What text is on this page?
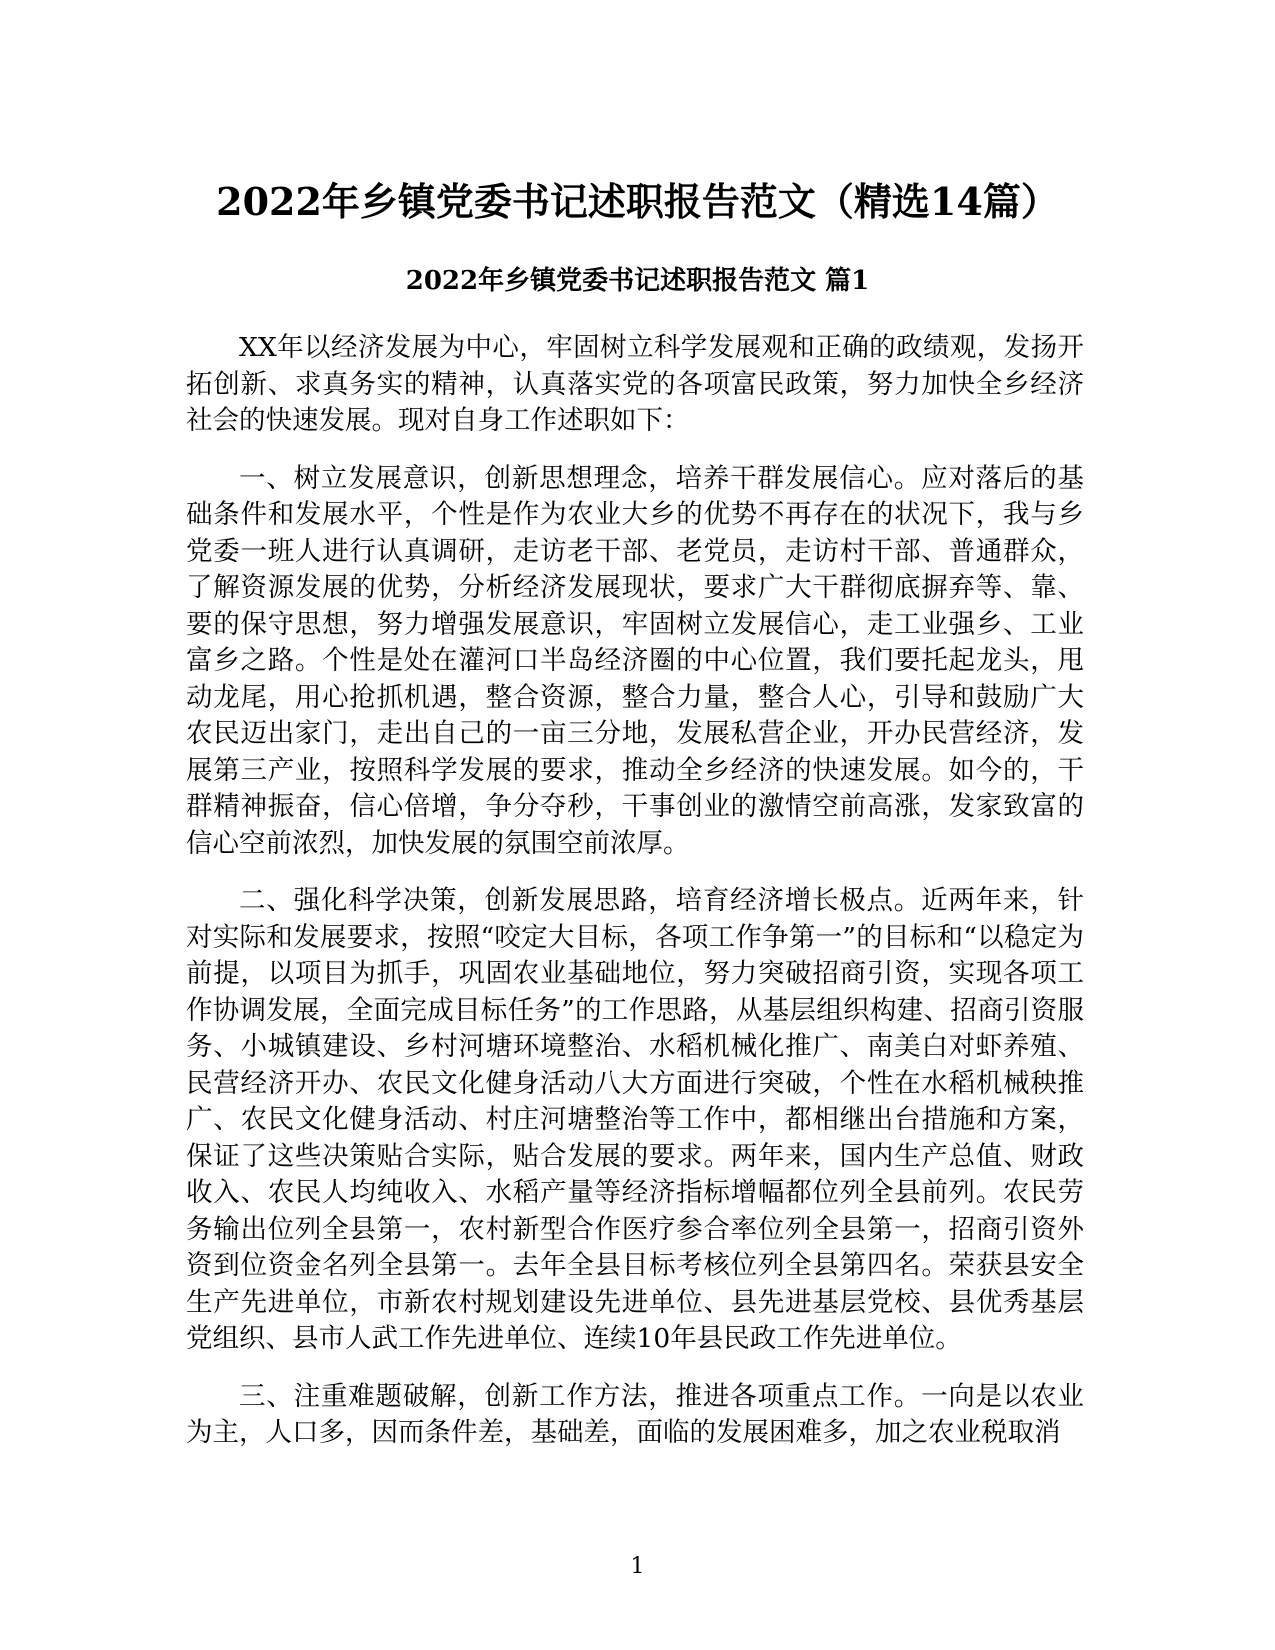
2022年乡镇党委书记述职报告范文（精选14篇）
2022年乡镇党委书记述职报告范文 篇1

XX年以经济发展为中心，牢固树立科学发展观和正确的政绩观，发扬开拓创新、求真务实的精神，认真落实党的各项富民政策，努力加快全乡经济社会的快速发展。现对自身工作述职如下：

一、树立发展意识，创新思想理念，培养干群发展信心。应对落后的基础条件和发展水平，个性是作为农业大乡的优势不再存在的状况下，我与乡党委一班人进行认真调研，走访老干部、老党员，走访村干部、普通群众，了解资源发展的优势，分析经济发展现状，要求广大干群彻底摒弃等、靠、要的保守思想，努力增强发展意识，牢固树立发展信心，走工业强乡、工业富乡之路。个性是处在灌河口半岛经济圈的中心位置，我们要托起龙头，甩动龙尾，用心抢抓机遇，整合资源，整合力量，整合人心，引导和鼓励广大农民迈出家门，走出自己的一亩三分地，发展私营企业，开办民营经济，发展第三产业，按照科学发展的要求，推动全乡经济的快速发展。如今的，干群精神振奋，信心倍增，争分夺秒，干事创业的激情空前高涨，发家致富的信心空前浓烈，加快发展的氛围空前浓厚。

二、强化科学决策，创新发展思路，培育经济增长极点。近两年来，针对实际和发展要求，按照“咬定大目标，各项工作争第一”的目标和“以稳定为前提，以项目为抓手，巩固农业基础地位，努力突破招商引资，实现各项工作协调发展，全面完成目标任务”的工作思路，从基层组织构建、招商引资服务、小城镇建设、乡村河塘环境整治、水稻机械化推广、南美白对虾养殖、民营经济开办、农民文化健身活动八大方面进行突破，个性在水稻机械秧推广、农民文化健身活动、村庄河塘整治等工作中，都相继出台措施和方案，保证了这些决策贴合实际，贴合发展的要求。两年来，国内生产总值、财政收入、农民人均纯收入、水稻产量等经济指标增幅都位列全县前列。农民劳务输出位列全县第一，农村新型合作医疗参合率位列全县第一，招商引资外资到位资金名列全县第一。去年全县目标考核位列全县第四名。荣获县安全生产先进单位，市新农村规划建设先进单位、县先进基层党校、县优秀基层党组织、县市人武工作先进单位、连续10年县民政工作先进单位。

三、注重难题破解，创新工作方法，推进各项重点工作。一向是以农业为主，人口多，因而条件差，基础差，面临的发展困难多，加之农业税取消

1
